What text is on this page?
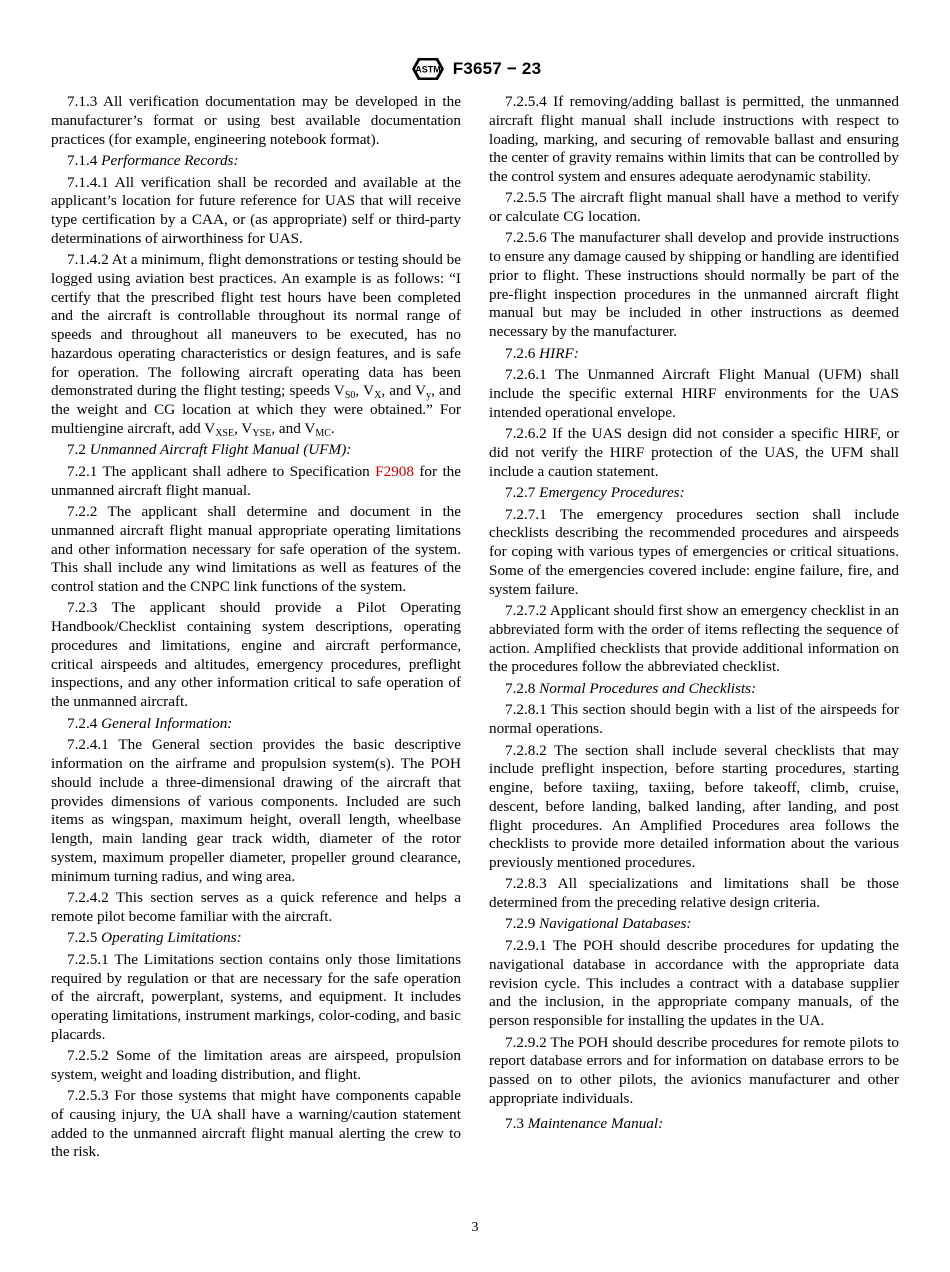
ASTM F3657 − 23

7.1.3 All verification documentation may be developed in the manufacturer’s format or using best available documentation practices (for example, engineering notebook format).

7.1.4 Performance Records:

7.1.4.1 All verification shall be recorded and available at the applicant’s location for future reference for UAS that will receive type certification by a CAA, or (as appropriate) self or third-party determinations of airworthiness for UAS.

7.1.4.2 At a minimum, flight demonstrations or testing should be logged using aviation best practices. An example is as follows: “I certify that the prescribed flight test hours have been completed and the aircraft is controllable throughout its normal range of speeds and throughout all maneuvers to be executed, has no hazardous operating characteristics or design features, and is safe for operation. The following aircraft operating data has been demonstrated during the flight testing; speeds $V_{S0}$, $V_X$, and $V_y$, and the weight and CG location at which they were obtained.” For multiengine aircraft, add $V_{XSE}$, $V_{YSE}$, and $V_{MC}$.

7.2 Unmanned Aircraft Flight Manual (UFM):

7.2.1 The applicant shall adhere to Specification F2908 for the unmanned aircraft flight manual.

7.2.2 The applicant shall determine and document in the unmanned aircraft flight manual appropriate operating limitations and other information necessary for safe operation of the system. This shall include any wind limitations as well as features of the control station and the CNPC link functions of the system.

7.2.3 The applicant should provide a Pilot Operating Handbook/Checklist containing system descriptions, operating procedures and limitations, engine and aircraft performance, critical airspeeds and altitudes, emergency procedures, preflight inspections, and any other information critical to safe operation of the unmanned aircraft.

7.2.4 General Information:

7.2.4.1 The General section provides the basic descriptive information on the airframe and propulsion system(s). The POH should include a three-dimensional drawing of the aircraft that provides dimensions of various components. Included are such items as wingspan, maximum height, overall length, wheelbase length, main landing gear track width, diameter of the rotor system, maximum propeller diameter, propeller ground clearance, minimum turning radius, and wing area.

7.2.4.2 This section serves as a quick reference and helps a remote pilot become familiar with the aircraft.

7.2.5 Operating Limitations:

7.2.5.1 The Limitations section contains only those limitations required by regulation or that are necessary for the safe operation of the aircraft, powerplant, systems, and equipment. It includes operating limitations, instrument markings, color-coding, and basic placards.

7.2.5.2 Some of the limitation areas are airspeed, propulsion system, weight and loading distribution, and flight.

7.2.5.3 For those systems that might have components capable of causing injury, the UA shall have a warning/caution statement added to the unmanned aircraft flight manual alerting the crew to the risk.

7.2.5.4 If removing/adding ballast is permitted, the unmanned aircraft flight manual shall include instructions with respect to loading, marking, and securing of removable ballast and ensuring the center of gravity remains within limits that can be controlled by the control system and ensures adequate aerodynamic stability.

7.2.5.5 The aircraft flight manual shall have a method to verify or calculate CG location.

7.2.5.6 The manufacturer shall develop and provide instructions to ensure any damage caused by shipping or handling are identified prior to flight. These instructions should normally be part of the pre-flight inspection procedures in the unmanned aircraft flight manual but may be included in other instructions as deemed necessary by the manufacturer.

7.2.6 HIRF:

7.2.6.1 The Unmanned Aircraft Flight Manual (UFM) shall include the specific external HIRF environments for the UAS intended operational envelope.

7.2.6.2 If the UAS design did not consider a specific HIRF, or did not verify the HIRF protection of the UAS, the UFM shall include a caution statement.

7.2.7 Emergency Procedures:

7.2.7.1 The emergency procedures section shall include checklists describing the recommended procedures and airspeeds for coping with various types of emergencies or critical situations. Some of the emergencies covered include: engine failure, fire, and system failure.

7.2.7.2 Applicant should first show an emergency checklist in an abbreviated form with the order of items reflecting the sequence of action. Amplified checklists that provide additional information on the procedures follow the abbreviated checklist.

7.2.8 Normal Procedures and Checklists:

7.2.8.1 This section should begin with a list of the airspeeds for normal operations.

7.2.8.2 The section shall include several checklists that may include preflight inspection, before starting procedures, starting engine, before taxiing, taxiing, before takeoff, climb, cruise, descent, before landing, balked landing, after landing, and post flight procedures. An Amplified Procedures area follows the checklists to provide more detailed information about the various previously mentioned procedures.

7.2.8.3 All specializations and limitations shall be those determined from the preceding relative design criteria.

7.2.9 Navigational Databases:

7.2.9.1 The POH should describe procedures for updating the navigational database in accordance with the appropriate data revision cycle. This includes a contract with a database supplier and the inclusion, in the appropriate company manuals, of the person responsible for installing the updates in the UA.

7.2.9.2 The POH should describe procedures for remote pilots to report database errors and for information on database errors to be passed on to other pilots, the avionics manufacturer and other appropriate individuals.

7.3 Maintenance Manual:

3
